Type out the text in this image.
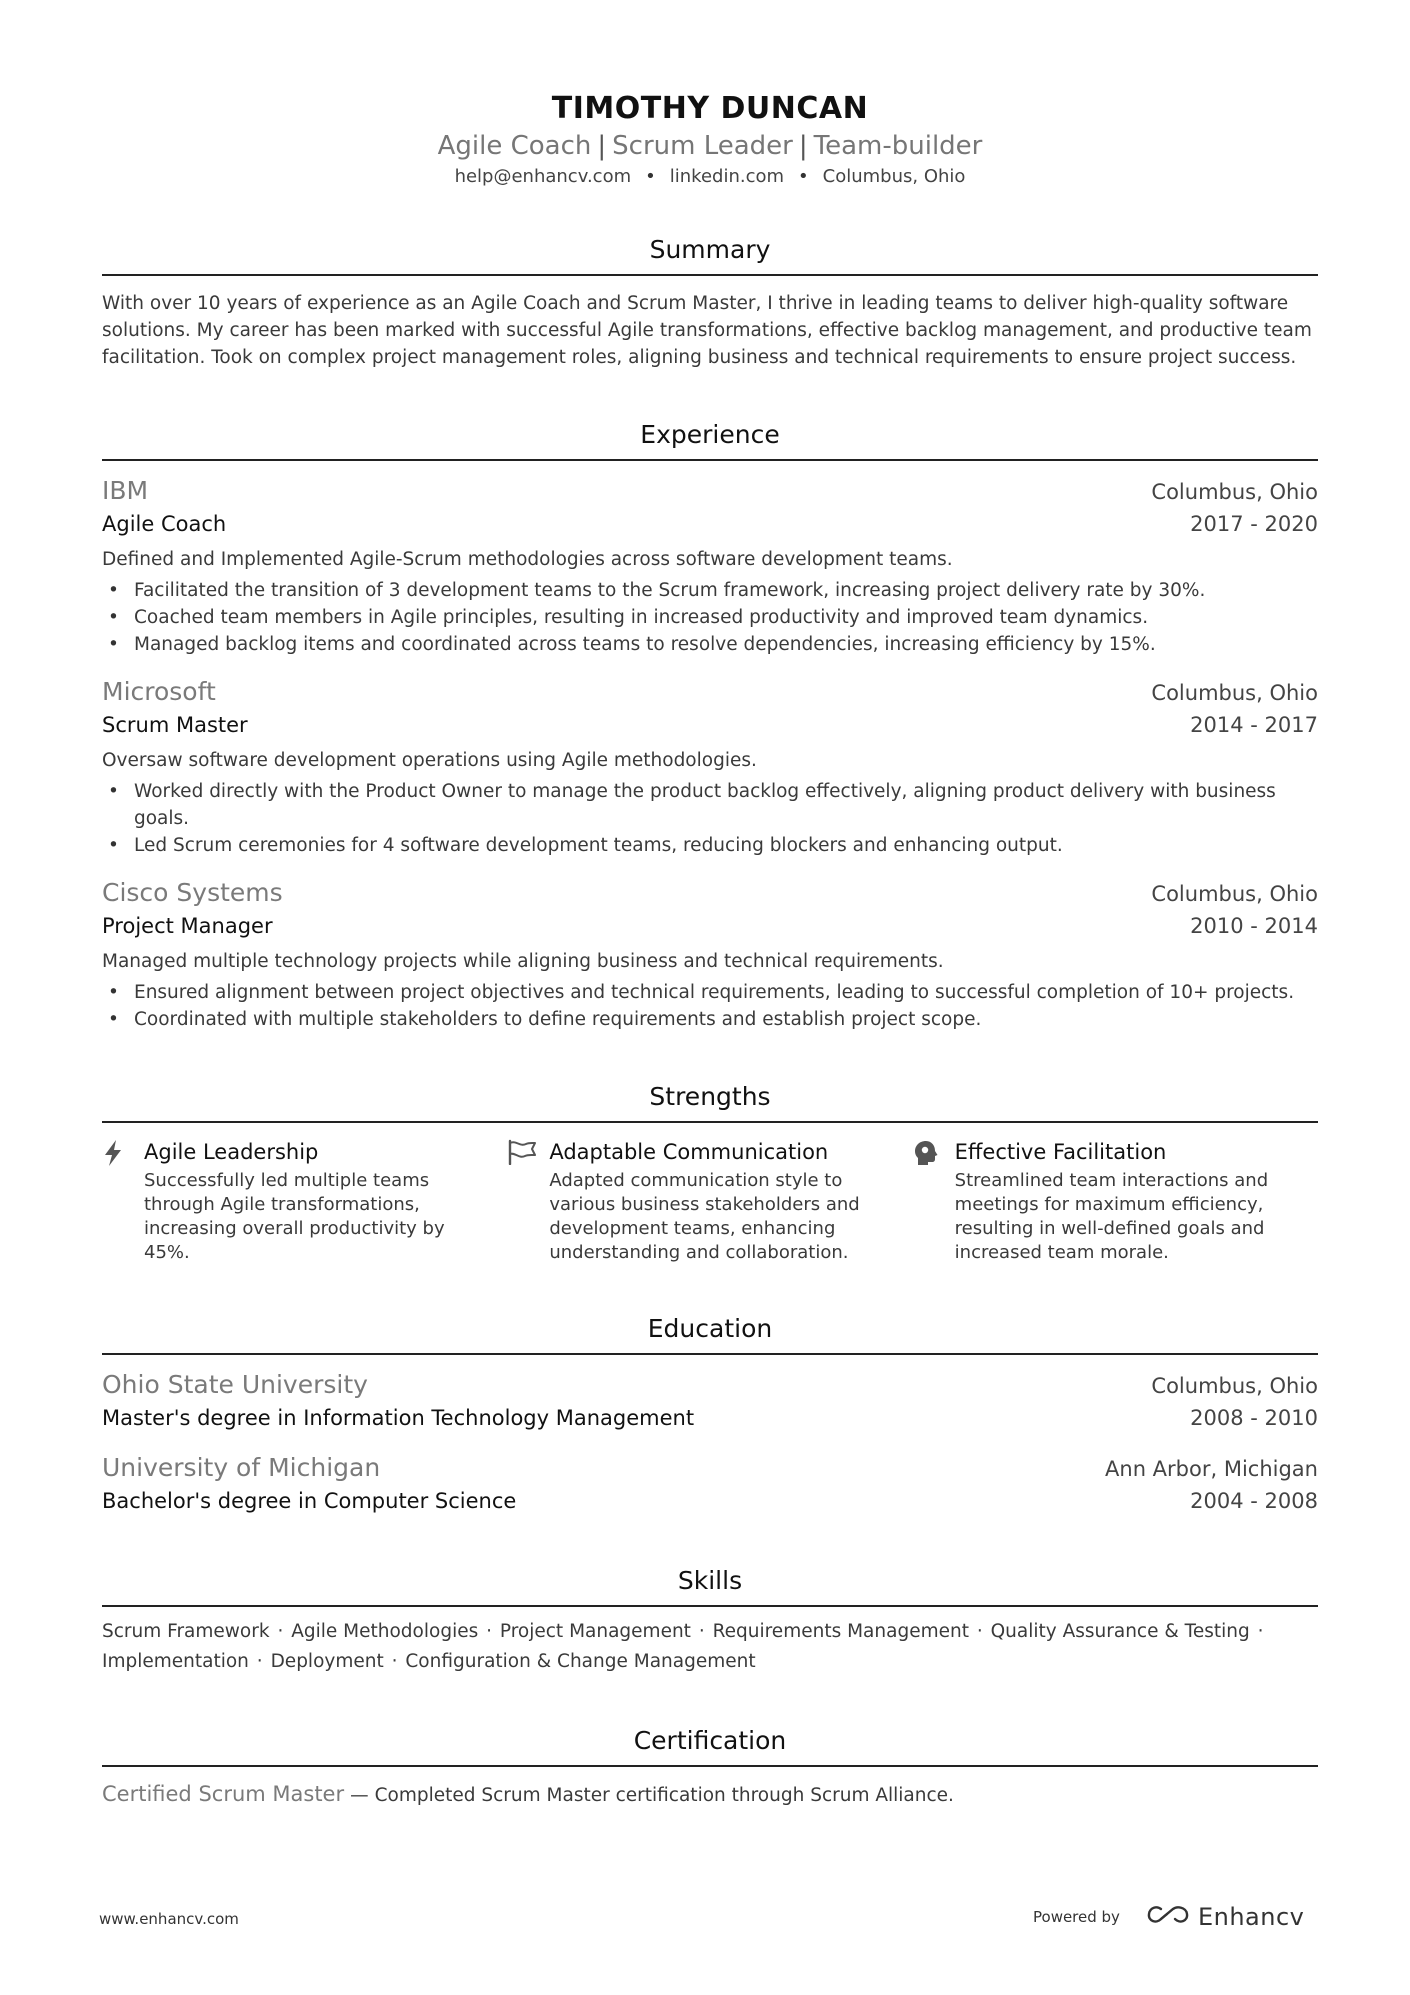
TIMOTHY DUNCAN
Agile Coach | Scrum Leader | Team-builder
help@enhancv.com • linkedin.com • Columbus, Ohio
Summary
With over 10 years of experience as an Agile Coach and Scrum Master, I thrive in leading teams to deliver high-quality software solutions. My career has been marked with successful Agile transformations, effective backlog management, and productive team facilitation. Took on complex project management roles, aligning business and technical requirements to ensure project success.
Experience
IBM	Columbus, Ohio
Agile Coach	2017 - 2020
Defined and Implemented Agile-Scrum methodologies across software development teams.
• Facilitated the transition of 3 development teams to the Scrum framework, increasing project delivery rate by 30%.
• Coached team members in Agile principles, resulting in increased productivity and improved team dynamics.
• Managed backlog items and coordinated across teams to resolve dependencies, increasing efficiency by 15%.
Microsoft	Columbus, Ohio
Scrum Master	2014 - 2017
Oversaw software development operations using Agile methodologies.
• Worked directly with the Product Owner to manage the product backlog effectively, aligning product delivery with business goals.
• Led Scrum ceremonies for 4 software development teams, reducing blockers and enhancing output.
Cisco Systems	Columbus, Ohio
Project Manager	2010 - 2014
Managed multiple technology projects while aligning business and technical requirements.
• Ensured alignment between project objectives and technical requirements, leading to successful completion of 10+ projects.
• Coordinated with multiple stakeholders to define requirements and establish project scope.
Strengths
Agile Leadership
Successfully led multiple teams through Agile transformations, increasing overall productivity by 45%.
Adaptable Communication
Adapted communication style to various business stakeholders and development teams, enhancing understanding and collaboration.
Effective Facilitation
Streamlined team interactions and meetings for maximum efficiency, resulting in well-defined goals and increased team morale.
Education
Ohio State University	Columbus, Ohio
Master's degree in Information Technology Management	2008 - 2010
University of Michigan	Ann Arbor, Michigan
Bachelor's degree in Computer Science	2004 - 2008
Skills
Scrum Framework · Agile Methodologies · Project Management · Requirements Management · Quality Assurance & Testing · Implementation · Deployment · Configuration & Change Management
Certification
Certified Scrum Master — Completed Scrum Master certification through Scrum Alliance.
www.enhancv.com	Powered by	Enhancv
